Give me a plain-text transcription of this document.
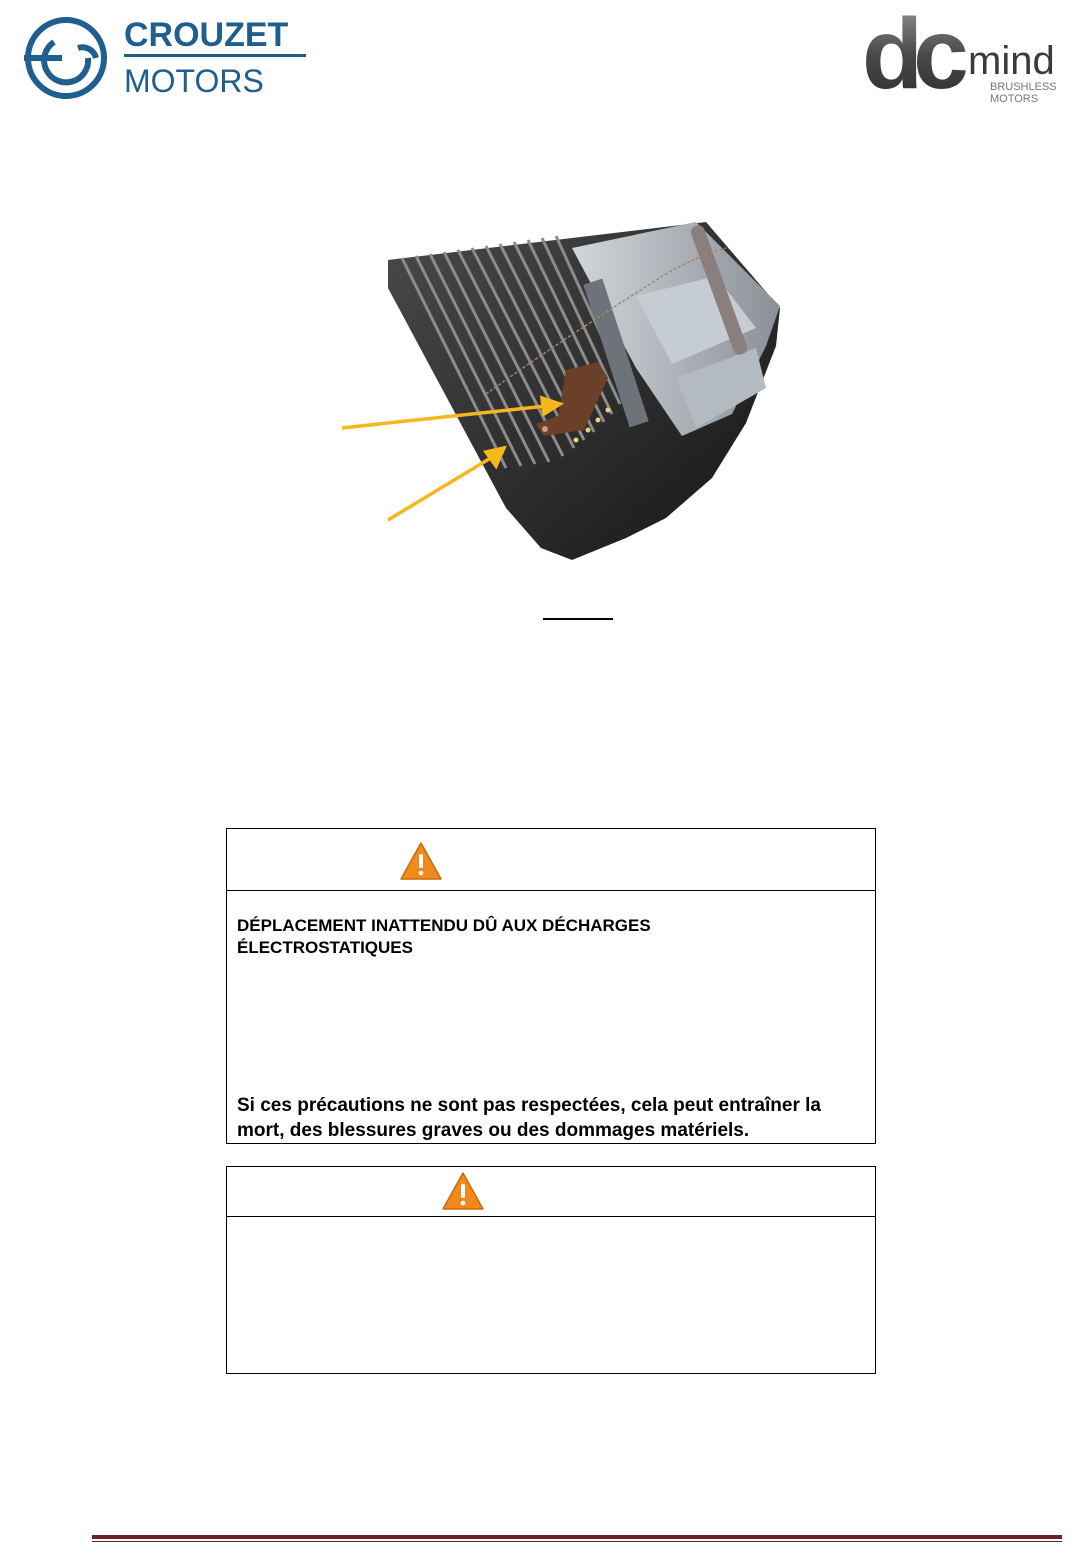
CROUZET
MOTORS	dc mind
BRUSHLESS
MOTORS
DÉPLACEMENT INATTENDU DÛ AUX DÉCHARGES
ÉLECTROSTATIQUES
Si ces précautions ne sont pas respectées, cela peut entraîner la
mort, des blessures graves ou des dommages matériels.
